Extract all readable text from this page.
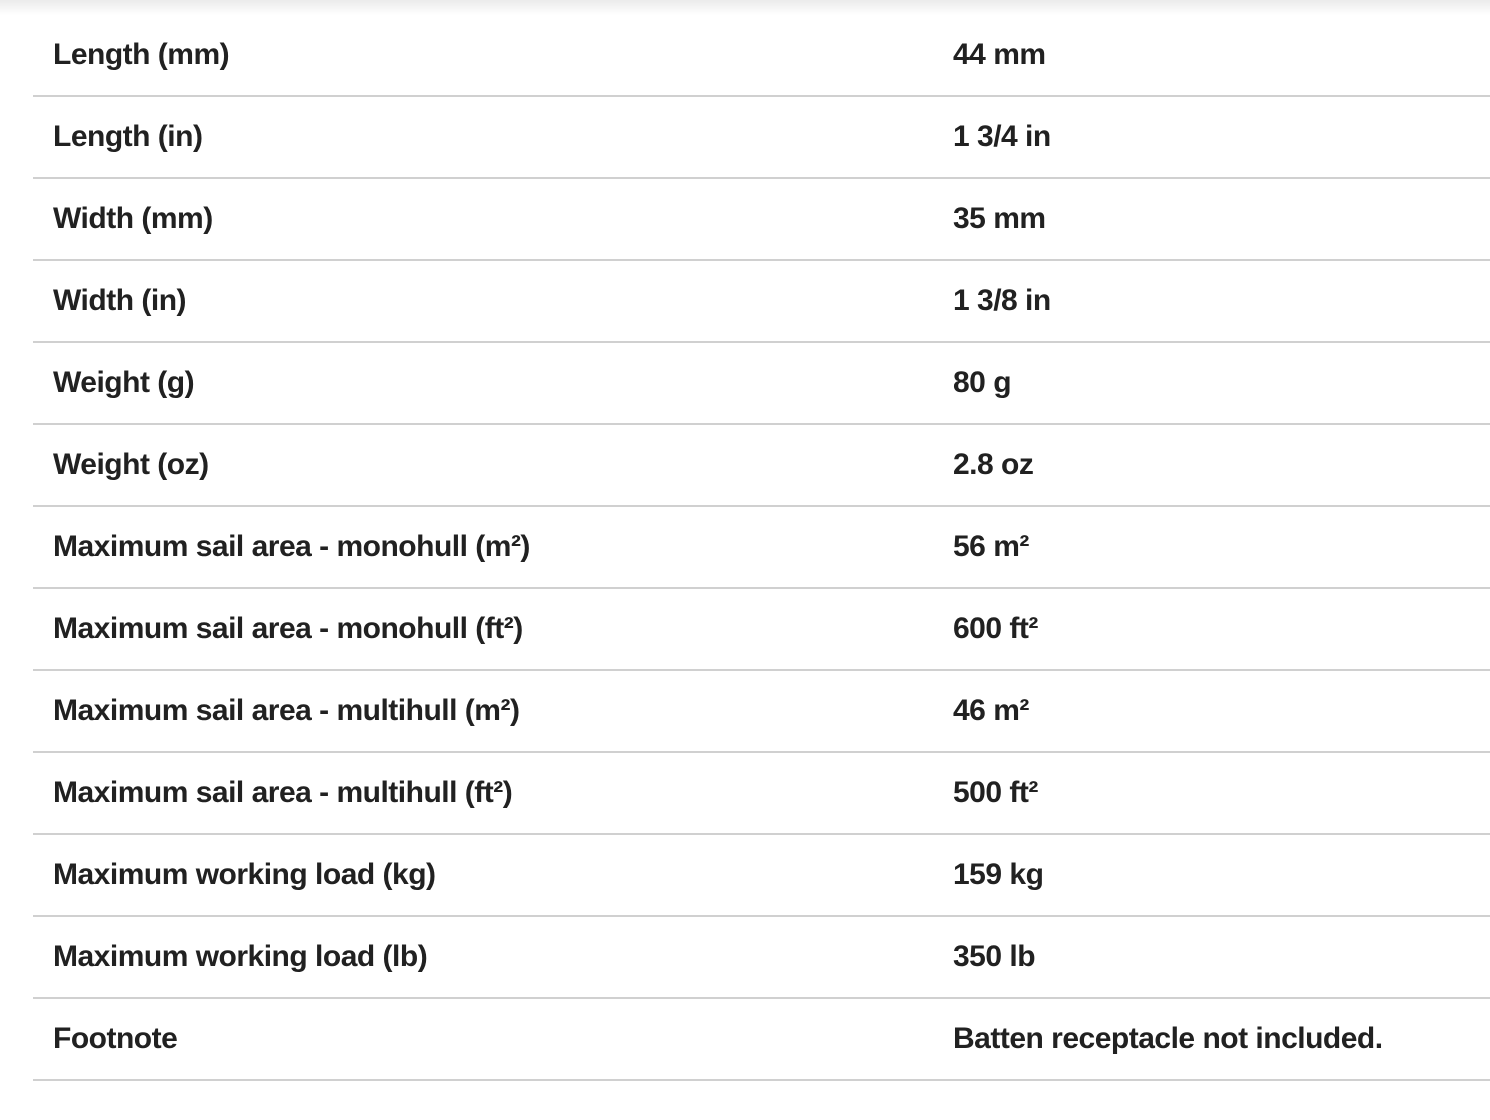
Length (mm)	44 mm
Length (in)	1 3/4 in
Width (mm)	35 mm
Width (in)	1 3/8 in
Weight (g)	80 g
Weight (oz)	2.8 oz
Maximum sail area - monohull (m²)	56 m²
Maximum sail area - monohull (ft²)	600 ft²
Maximum sail area - multihull (m²)	46 m²
Maximum sail area - multihull (ft²)	500 ft²
Maximum working load (kg)	159 kg
Maximum working load (lb)	350 lb
Footnote	Batten receptacle not included.
